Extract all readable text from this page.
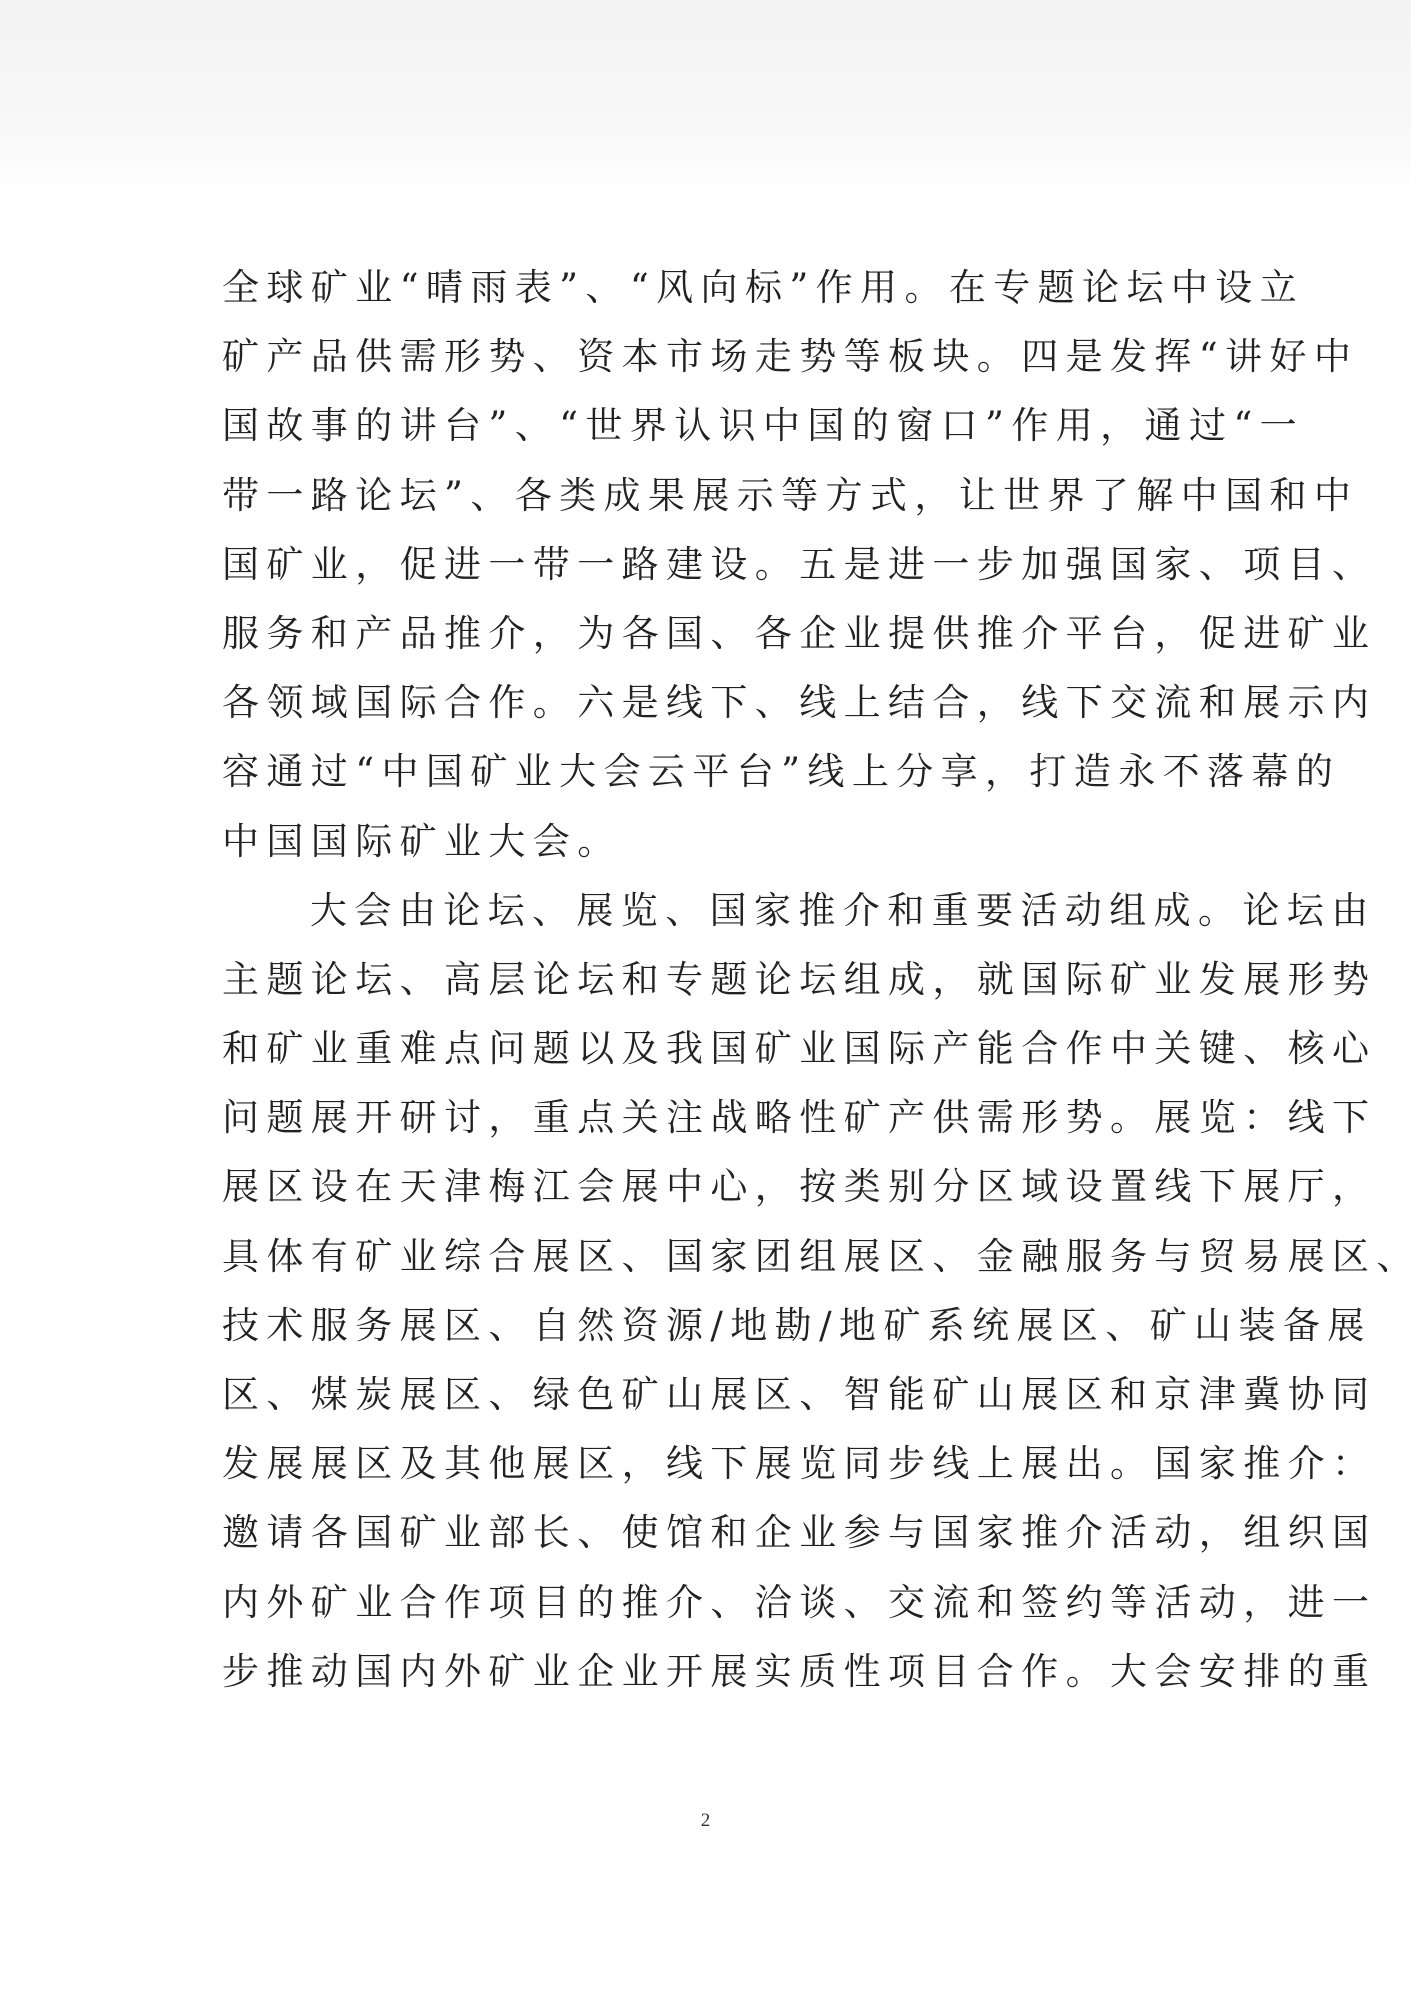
全球矿业“晴雨表”、“风向标”作用。在专题论坛中设立
矿产品供需形势、资本市场走势等板块。四是发挥“讲好中
国故事的讲台”、“世界认识中国的窗口”作用，通过“一
带一路论坛”、各类成果展示等方式，让世界了解中国和中
国矿业，促进一带一路建设。五是进一步加强国家、项目、
服务和产品推介，为各国、各企业提供推介平台，促进矿业
各领域国际合作。六是线下、线上结合，线下交流和展示内
容通过“中国矿业大会云平台”线上分享，打造永不落幕的
中国国际矿业大会。
大会由论坛、展览、国家推介和重要活动组成。论坛由
主题论坛、高层论坛和专题论坛组成，就国际矿业发展形势
和矿业重难点问题以及我国矿业国际产能合作中关键、核心
问题展开研讨，重点关注战略性矿产供需形势。展览：线下
展区设在天津梅江会展中心，按类别分区域设置线下展厅，
具体有矿业综合展区、国家团组展区、金融服务与贸易展区、
技术服务展区、自然资源/地勘/地矿系统展区、矿山装备展
区、煤炭展区、绿色矿山展区、智能矿山展区和京津冀协同
发展展区及其他展区，线下展览同步线上展出。国家推介：
邀请各国矿业部长、使馆和企业参与国家推介活动，组织国
内外矿业合作项目的推介、洽谈、交流和签约等活动，进一
步推动国内外矿业企业开展实质性项目合作。大会安排的重
2
